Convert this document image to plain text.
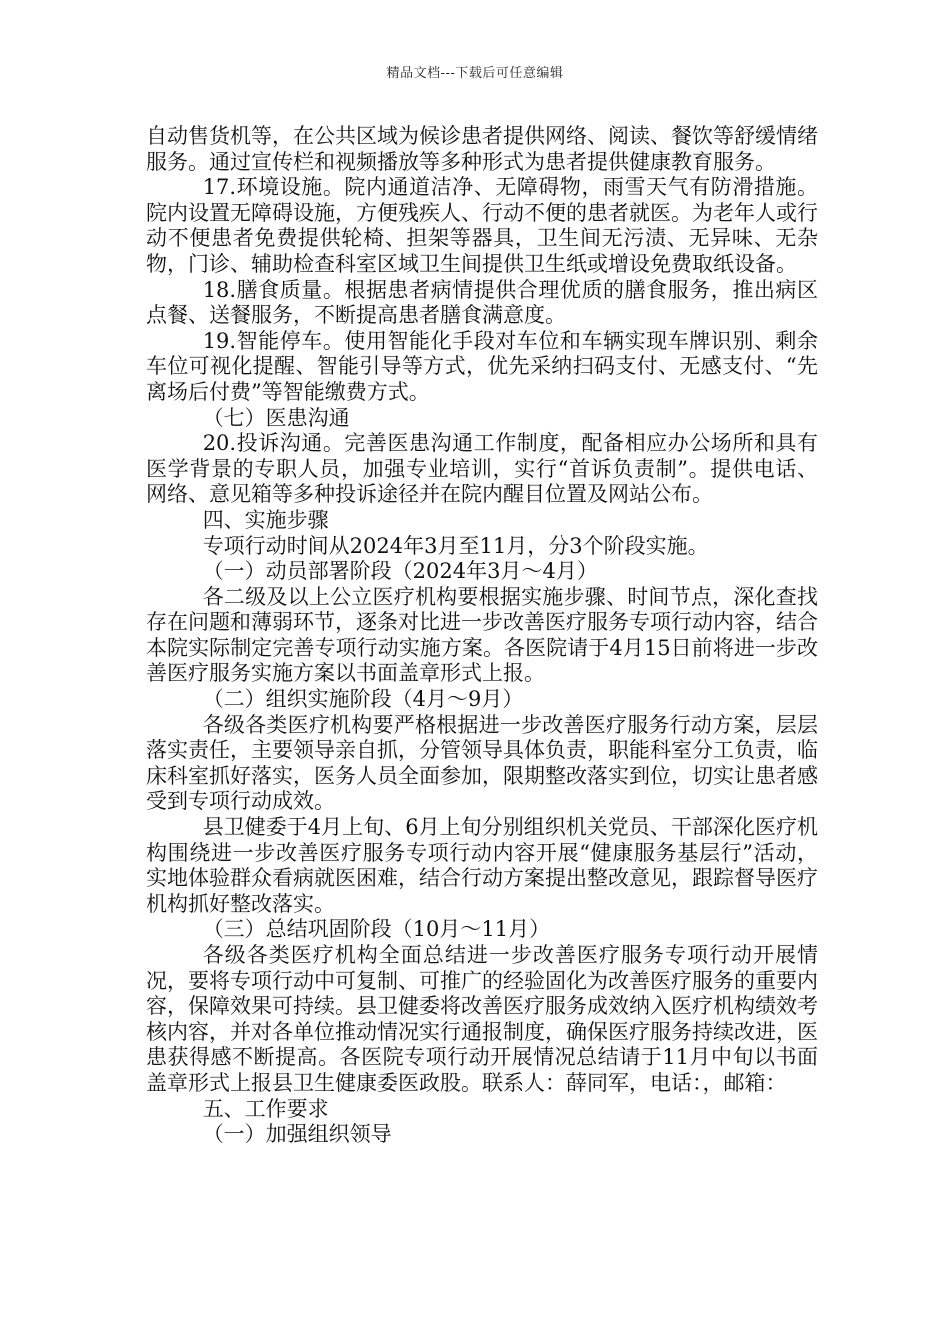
精品文档---下载后可任意编辑

自动售货机等，在公共区域为候诊患者提供网络、阅读、餐饮等舒缓情绪服务。通过宣传栏和视频播放等多种形式为患者提供健康教育服务。

17.环境设施。院内通道洁净、无障碍物，雨雪天气有防滑措施。院内设置无障碍设施，方便残疾人、行动不便的患者就医。为老年人或行动不便患者免费提供轮椅、担架等器具，卫生间无污渍、无异味、无杂物，门诊、辅助检查科室区域卫生间提供卫生纸或增设免费取纸设备。

18.膳食质量。根据患者病情提供合理优质的膳食服务，推出病区点餐、送餐服务，不断提高患者膳食满意度。

19.智能停车。使用智能化手段对车位和车辆实现车牌识别、剩余车位可视化提醒、智能引导等方式，优先采纳扫码支付、无感支付、“先离场后付费”等智能缴费方式。

（七）医患沟通

20.投诉沟通。完善医患沟通工作制度，配备相应办公场所和具有医学背景的专职人员，加强专业培训，实行“首诉负责制”。提供电话、网络、意见箱等多种投诉途径并在院内醒目位置及网站公布。

四、实施步骤

专项行动时间从2024年3月至11月，分3个阶段实施。

（一）动员部署阶段（2024年3月～4月）

各二级及以上公立医疗机构要根据实施步骤、时间节点，深化查找存在问题和薄弱环节，逐条对比进一步改善医疗服务专项行动内容，结合本院实际制定完善专项行动实施方案。各医院请于4月15日前将进一步改善医疗服务实施方案以书面盖章形式上报。

（二）组织实施阶段（4月～9月）

各级各类医疗机构要严格根据进一步改善医疗服务行动方案，层层落实责任，主要领导亲自抓，分管领导具体负责，职能科室分工负责，临床科室抓好落实，医务人员全面参加，限期整改落实到位，切实让患者感受到专项行动成效。

县卫健委于4月上旬、6月上旬分别组织机关党员、干部深化医疗机构围绕进一步改善医疗服务专项行动内容开展“健康服务基层行”活动，实地体验群众看病就医困难，结合行动方案提出整改意见，跟踪督导医疗机构抓好整改落实。

（三）总结巩固阶段（10月～11月）

各级各类医疗机构全面总结进一步改善医疗服务专项行动开展情况，要将专项行动中可复制、可推广的经验固化为改善医疗服务的重要内容，保障效果可持续。县卫健委将改善医疗服务成效纳入医疗机构绩效考核内容，并对各单位推动情况实行通报制度，确保医疗服务持续改进，医患获得感不断提高。各医院专项行动开展情况总结请于11月中旬以书面盖章形式上报县卫生健康委医政股。联系人：薛同军，电话：，邮箱：

五、工作要求

（一）加强组织领导
